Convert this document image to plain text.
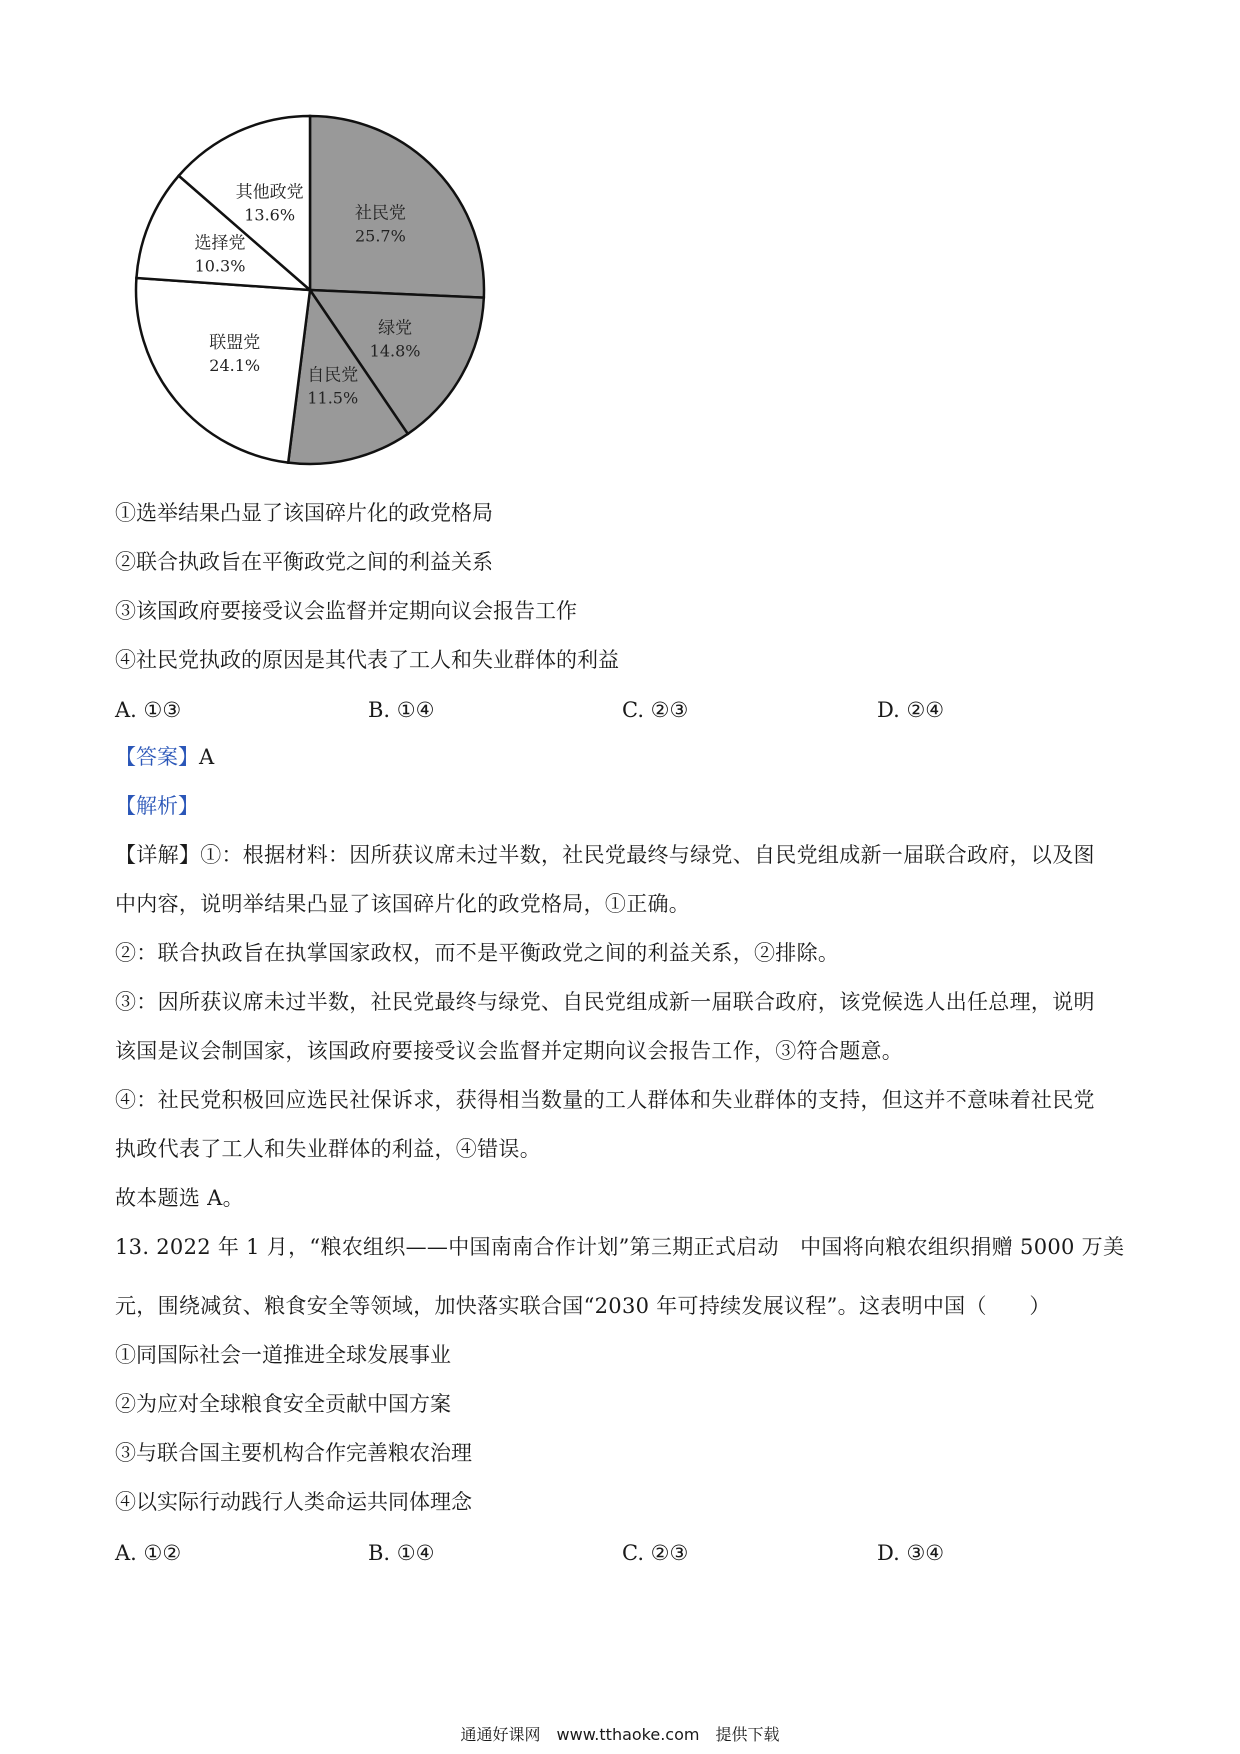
社民党
25.7%
绿党
14.8%
自民党
11.5%
联盟党
24.1%
选择党
10.3%
其他政党
13.6%
①选举结果凸显了该国碎片化的政党格局
②联合执政旨在平衡政党之间的利益关系
③该国政府要接受议会监督并定期向议会报告工作
④社民党执政的原因是其代表了工人和失业群体的利益
A. ①③	B. ①④	C. ②③	D. ②④
【答案】A
【解析】
【详解】①：根据材料：因所获议席未过半数，社民党最终与绿党、自民党组成新一届联合政府，以及图
中内容，说明举结果凸显了该国碎片化的政党格局，①正确。
②：联合执政旨在执掌国家政权，而不是平衡政党之间的利益关系，②排除。
③：因所获议席未过半数，社民党最终与绿党、自民党组成新一届联合政府，该党候选人出任总理，说明
该国是议会制国家，该国政府要接受议会监督并定期向议会报告工作，③符合题意。
④：社民党积极回应选民社保诉求，获得相当数量的工人群体和失业群体的支持，但这并不意味着社民党
执政代表了工人和失业群体的利益，④错误。
故本题选 A。
13. 2022 年 1 月，“粮农组织——中国南南合作计划”第三期正式启动　中国将向粮农组织捐赠 5000 万美
元，围绕减贫、粮食安全等领域，加快落实联合国“2030 年可持续发展议程”。这表明中国（　　）
①同国际社会一道推进全球发展事业
②为应对全球粮食安全贡献中国方案
③与联合国主要机构合作完善粮农治理
④以实际行动践行人类命运共同体理念
A. ①②	B. ①④	C. ②③	D. ③④
通通好课网　www.tthaoke.com　提供下载
